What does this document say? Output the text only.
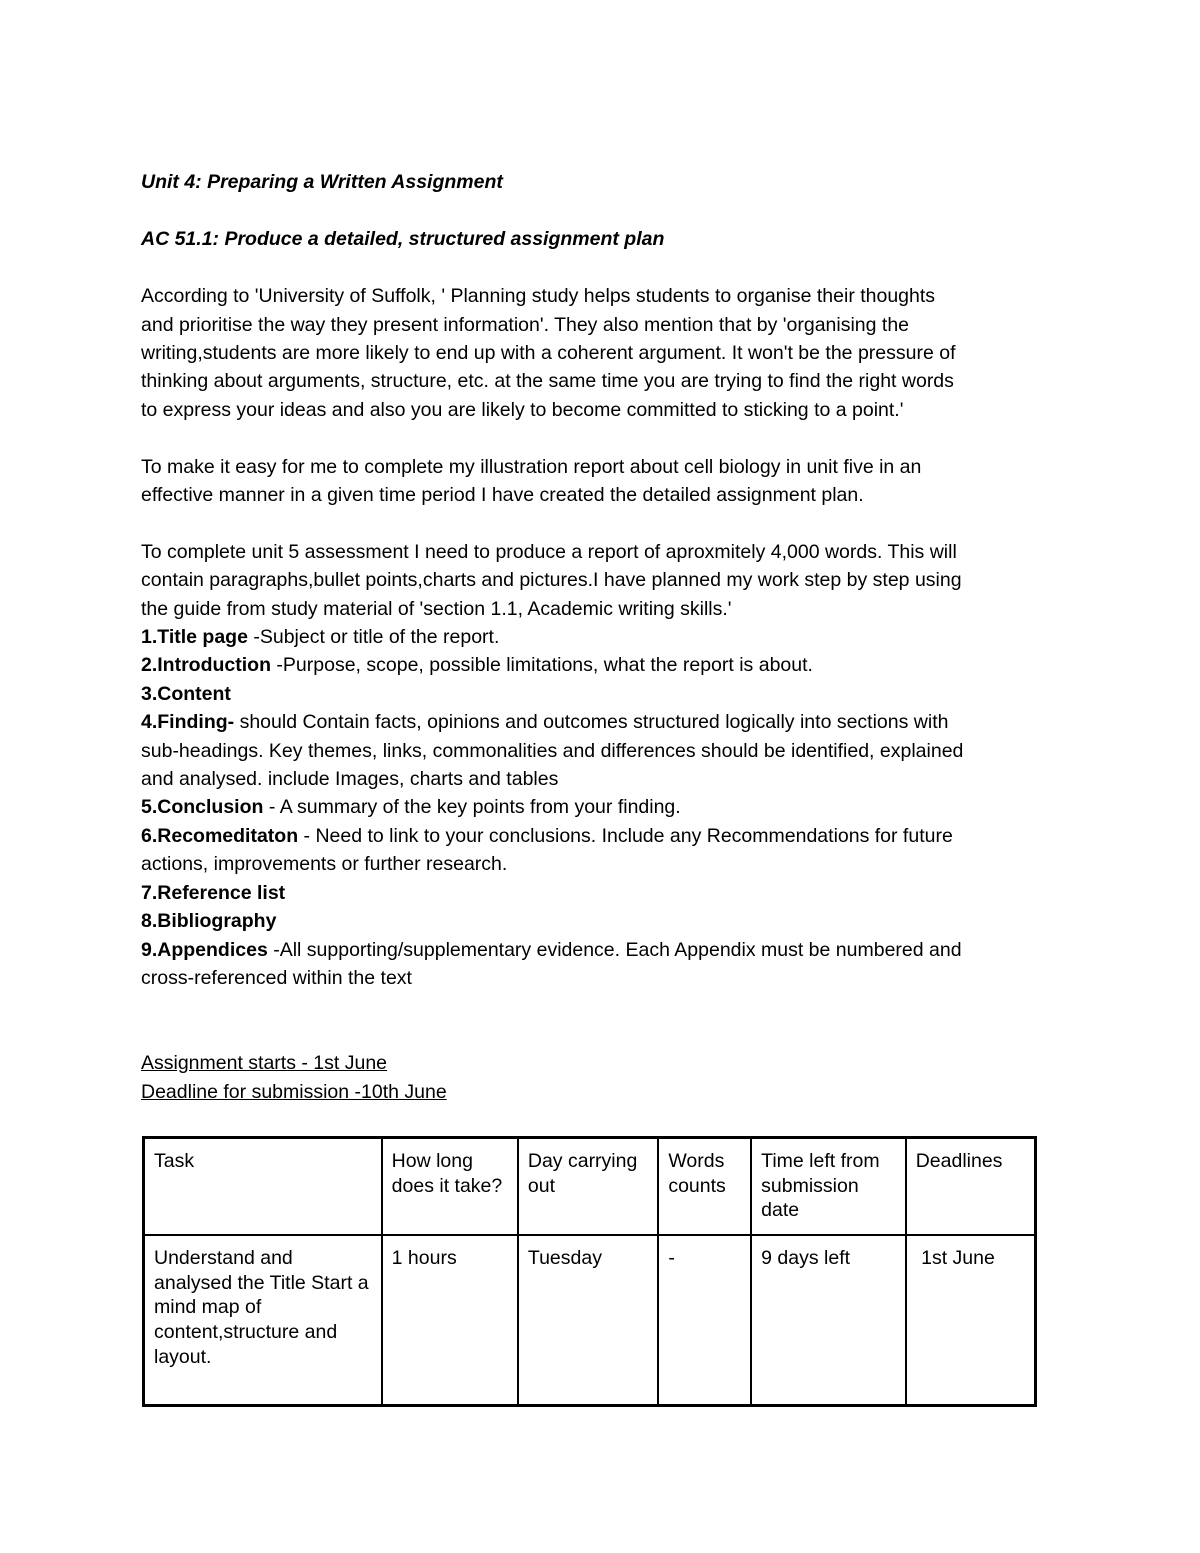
Unit 4: Preparing a Written Assignment

AC 51.1: Produce a detailed, structured assignment plan

According to 'University of Suffolk, ' Planning study helps students to organise their thoughts

and prioritise the way they present information'. They also mention that by 'organising the

writing,students are more likely to end up with a coherent argument. It won't be the pressure of

thinking about arguments, structure, etc. at the same time you are trying to find the right words

to express your ideas and also you are likely to become committed to sticking to a point.'

To make it easy for me to complete my illustration report about cell biology in unit five in an

effective manner in a given time period I have created the detailed assignment plan.

To complete unit 5 assessment I need to produce a report of aproxmitely 4,000 words. This will

contain paragraphs,bullet points,charts and pictures.I have planned my work step by step using

the guide from study material of 'section 1.1, Academic writing skills.'

1.Title page -Subject or title of the report.
2.Introduction -Purpose, scope, possible limitations, what the report is about.
3.Content
4.Finding- should Contain facts, opinions and outcomes structured logically into sections with
sub-headings. Key themes, links, commonalities and differences should be identified, explained
and analysed. include Images, charts and tables
5.Conclusion - A summary of the key points from your finding.
6.Recomeditaton - Need to link to your conclusions. Include any Recommendations for future
actions, improvements or further research.
7.Reference list
8.Bibliography
9.Appendices -All supporting/supplementary evidence. Each Appendix must be numbered and
cross-referenced within the text
Assignment starts - 1st June
Deadline for submission -10th June
Task	How long does it take?	Day carrying out	Words counts	Time left from submission date	Deadlines
Understand and analysed the Title Start a mind map of content,structure and layout.	1 hours	Tuesday	-	9 days left	1st June
